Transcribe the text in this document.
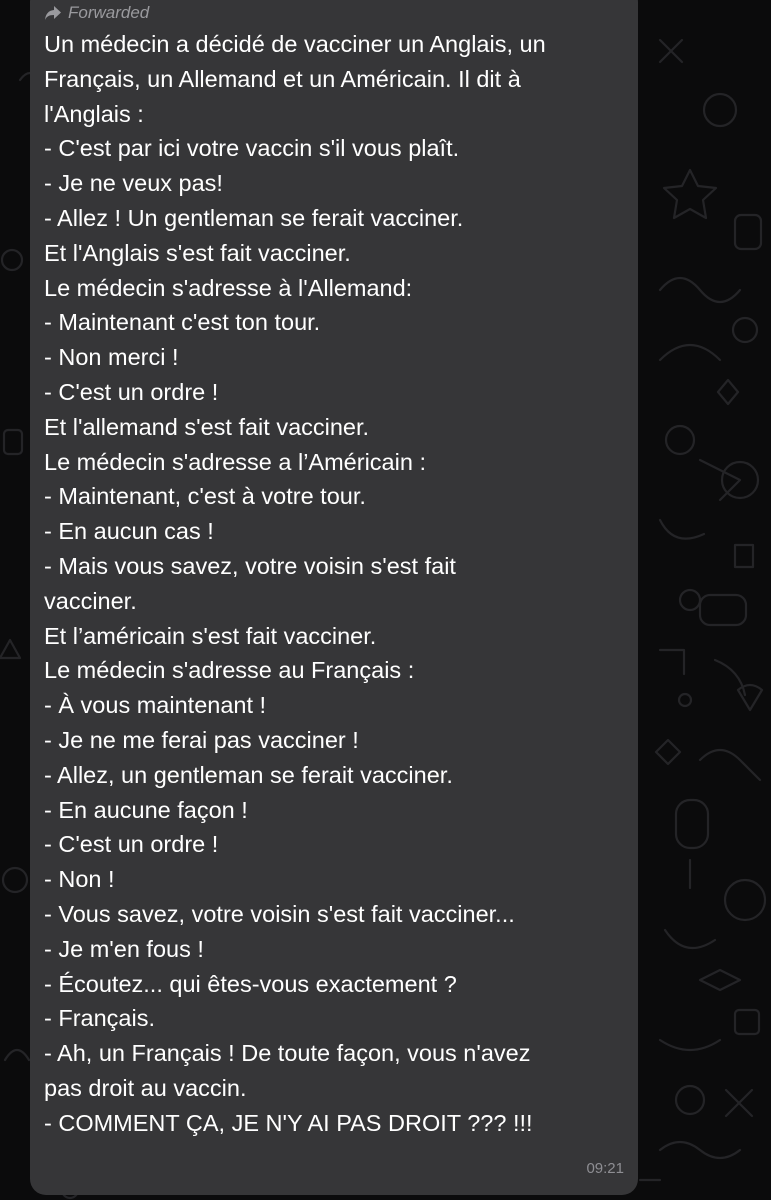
Forwarded
Un médecin a décidé de vacciner un Anglais, un
Français, un Allemand et un Américain. Il dit à
l'Anglais :
- C'est par ici votre vaccin s'il vous plaît.
- Je ne veux pas!
- Allez ! Un gentleman se ferait vacciner.
Et l'Anglais s'est fait vacciner.
Le médecin s'adresse à l'Allemand:
- Maintenant c'est ton tour.
- Non merci !
- C'est un ordre !
Et l'allemand s'est fait vacciner.
Le médecin s'adresse a l’Américain :
- Maintenant, c'est à votre tour.
- En aucun cas !
- Mais vous savez, votre voisin s'est fait
vacciner.
Et l’américain s'est fait vacciner.
Le médecin s'adresse au Français :
- À vous maintenant !
- Je ne me ferai pas vacciner !
- Allez, un gentleman se ferait vacciner.
- En aucune façon !
- C'est un ordre !
- Non !
- Vous savez, votre voisin s'est fait vacciner...
- Je m'en fous !
- Écoutez... qui êtes-vous exactement ?
- Français.
- Ah, un Français ! De toute façon, vous n'avez
pas droit au vaccin.
- COMMENT ÇA, JE N'Y AI PAS DROIT ??? !!!
09:21
